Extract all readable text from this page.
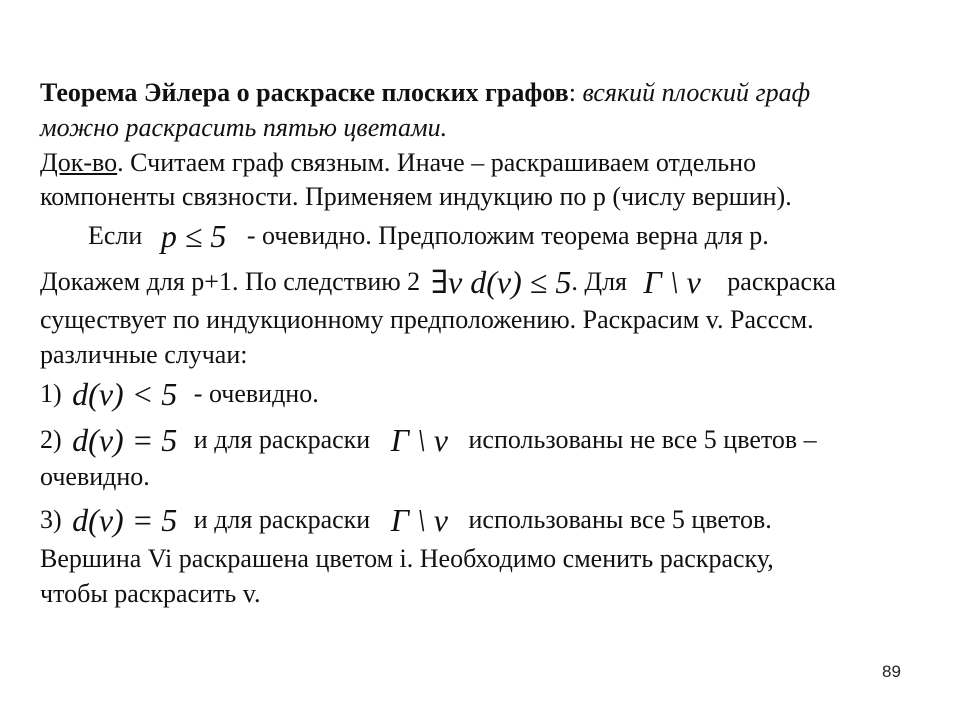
Теорема Эйлера о раскраске плоских графов: всякий плоский граф
можно раскрасить пятью цветами.
Док-во. Считаем граф связным. Иначе – раскрашиваем отдельно
компоненты связности. Применяем индукцию по p (числу вершин).
Если p ≤ 5 - очевидно. Предположим теорема верна для p.
Докажем для p+1. По следствию 2 ∃v d(v) ≤ 5. Для Γ \ v раскраска
существует по индукционному предположению. Раскрасим v. Рассcм.
различные случаи:
1) d(v) < 5 - очевидно.
2) d(v) = 5 и для раскраски Γ \ v использованы не все 5 цветов –
очевидно.
3) d(v) = 5 и для раскраски Γ \ v использованы все 5 цветов.
Вершина Vi раскрашена цветом i. Необходимо сменить раскраску,
чтобы раскрасить v.
89
